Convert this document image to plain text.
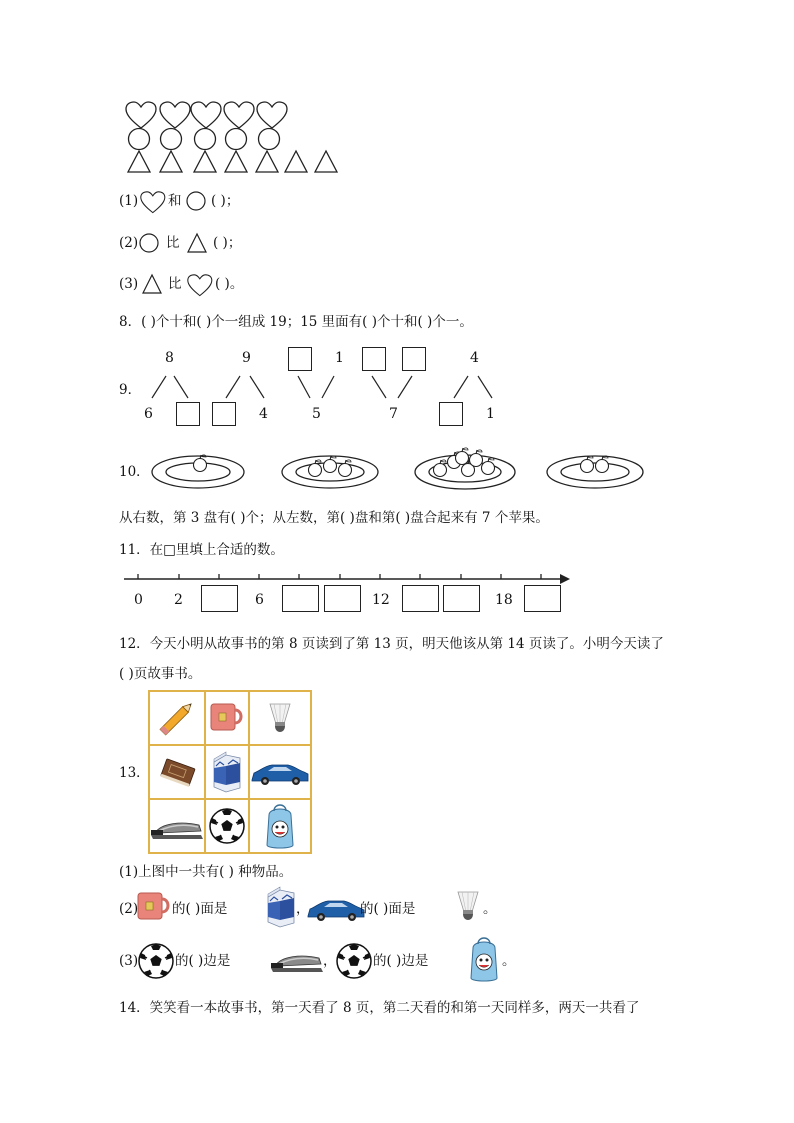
(1) 和 ( )；
(2) 比 ( )；
(3) 比 ( )。
8．( )个十和( )个一组成 19；15 里面有( )个十和( )个一。
9．
8	9	1	4
6	4	5	7	1
10．
从右数，第 3 盘有( )个；从左数，第( )盘和第( )盘合起来有 7 个苹果。
11．在□里填上合适的数。
0 2	6	12	18
12．今天小明从故事书的第 8 页读到了第 13 页，明天他该从第 14 页读了。小明今天读了
( )页故事书。
13．
(1)上图中一共有( ) 种物品。
(2)	的( )面是	，	的( )面是	。
(3)	的( )边是	，	的( )边是	。
14．笑笑看一本故事书，第一天看了 8 页，第二天看的和第一天同样多，两天一共看了
